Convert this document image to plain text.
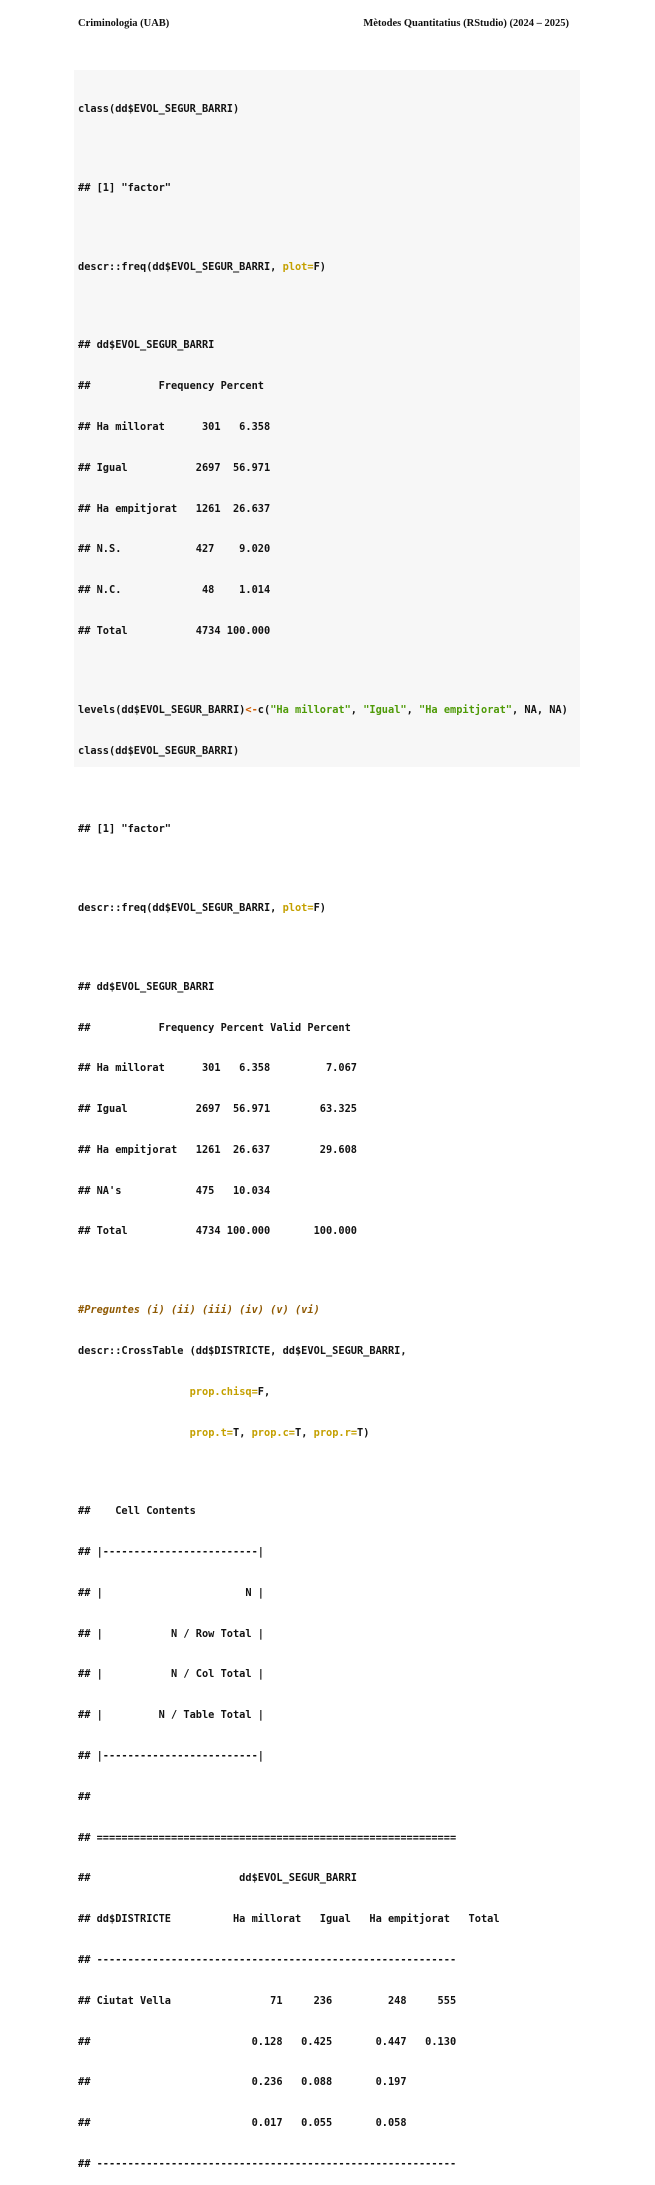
Criminologia (UAB)	Mètodes Quantitatius (RStudio) (2024 – 2025)

class(dd$EVOL_SEGUR_BARRI)

## [1] "factor"

descr::freq(dd$EVOL_SEGUR_BARRI, plot=F)

## dd$EVOL_SEGUR_BARRI

##           Frequency Percent

## Ha millorat      301   6.358

## Igual           2697  56.971

## Ha empitjorat   1261  26.637

## N.S.            427    9.020

## N.C.             48    1.014

## Total           4734 100.000

levels(dd$EVOL_SEGUR_BARRI)<-c("Ha millorat", "Igual", "Ha empitjorat", NA, NA)

class(dd$EVOL_SEGUR_BARRI)

## [1] "factor"

descr::freq(dd$EVOL_SEGUR_BARRI, plot=F)

## dd$EVOL_SEGUR_BARRI

##           Frequency Percent Valid Percent

## Ha millorat      301   6.358         7.067

## Igual           2697  56.971        63.325

## Ha empitjorat   1261  26.637        29.608

## NA's            475   10.034

## Total           4734 100.000       100.000

#Preguntes (i) (ii) (iii) (iv) (v) (vi)

descr::CrossTable (dd$DISTRICTE, dd$EVOL_SEGUR_BARRI,

prop.chisq=F,

prop.t=T, prop.c=T, prop.r=T)

##    Cell Contents

## |-------------------------|

## |                       N |

## |           N / Row Total |

## |           N / Col Total |

## |         N / Table Total |

## |-------------------------|

##

## ==========================================================

##                        dd$EVOL_SEGUR_BARRI

## dd$DISTRICTE          Ha millorat   Igual   Ha empitjorat   Total

## ----------------------------------------------------------

## Ciutat Vella                71     236         248     555

##                          0.128   0.425       0.447   0.130

##                          0.236   0.088       0.197

##                          0.017   0.055       0.058

## ----------------------------------------------------------
